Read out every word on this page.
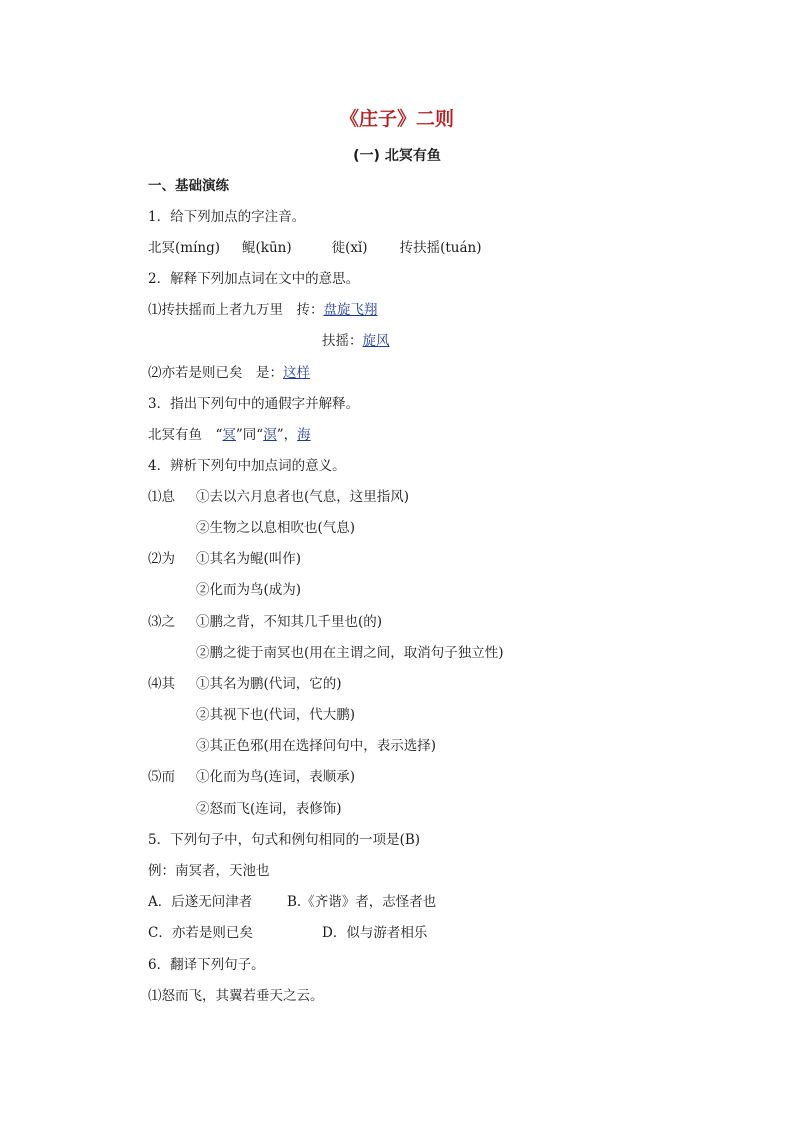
《庄子》二则
(一) 北冥有鱼
一、基础演练
1．给下列加点的字注音。
北冥(míng) 鲲(kūn)	徙(xǐ) 抟扶摇(tuán)
2．解释下列加点词在文中的意思。
⑴抟扶摇而上者九万里　抟：盘旋飞翔
扶摇：旋风
⑵亦若是则已矣　是：这样
3．指出下列句中的通假字并解释。
北冥有鱼　“冥”同“溟”，海
4．辨析下列句中加点词的意义。
⑴息 ①去以六月息者也(气息，这里指风)
②生物之以息相吹也(气息)
⑵为 ①其名为鲲(叫作)
②化而为鸟(成为)
⑶之 ①鹏之背，不知其几千里也(的)
②鹏之徙于南冥也(用在主谓之间，取消句子独立性)
⑷其 ①其名为鹏(代词，它的)
②其视下也(代词，代大鹏)
③其正色邪(用在选择问句中，表示选择)
⑸而 ①化而为鸟(连词，表顺承)
②怒而飞(连词，表修饰)
5．下列句子中，句式和例句相同的一项是(B)
例：南冥者，天池也
A．后遂无问津者	B.《齐谐》者，志怪者也
C．亦若是则已矣	D．似与游者相乐
6．翻译下列句子。
⑴怒而飞，其翼若垂天之云。
